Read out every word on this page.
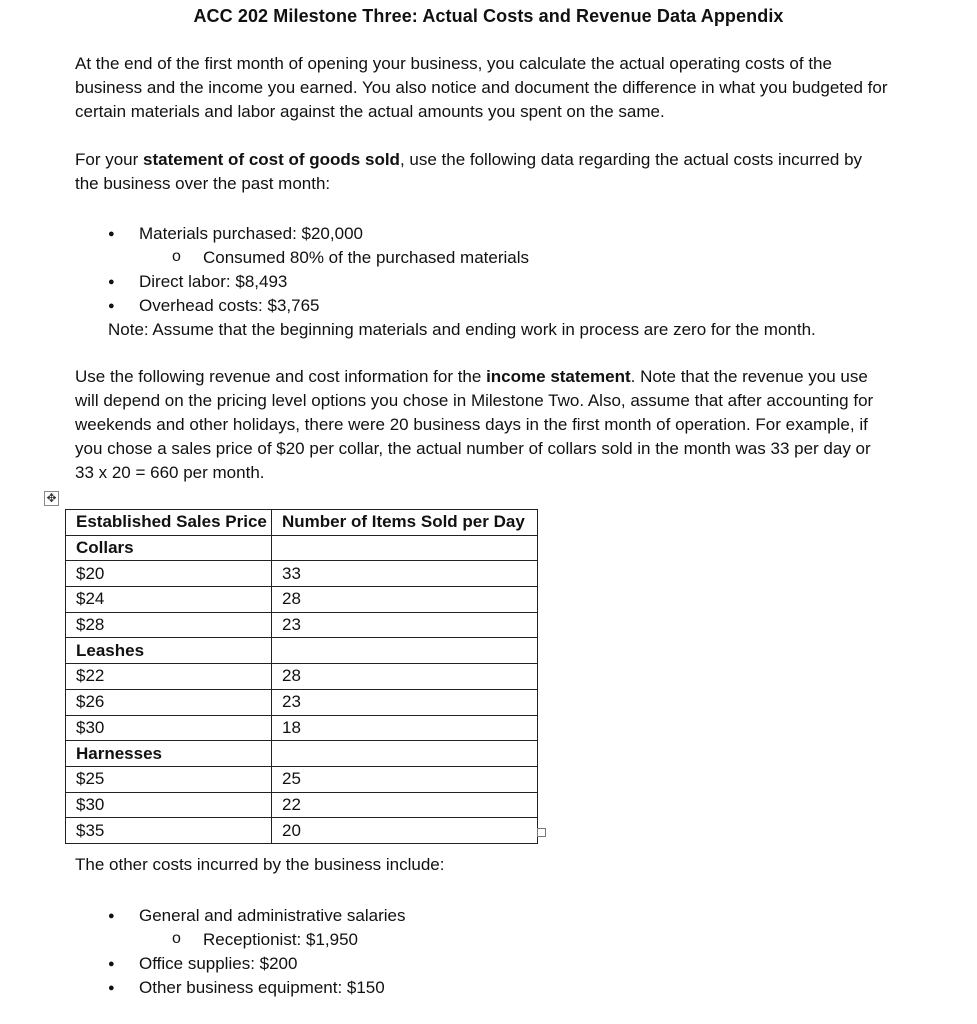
ACC 202 Milestone Three: Actual Costs and Revenue Data Appendix

At the end of the first month of opening your business, you calculate the actual operating costs of the business and the income you earned. You also notice and document the difference in what you budgeted for certain materials and labor against the actual amounts you spent on the same.

For your statement of cost of goods sold, use the following data regarding the actual costs incurred by the business over the past month:

● Materials purchased: $20,000
o Consumed 80% of the purchased materials
● Direct labor: $8,493
● Overhead costs: $3,765
Note: Assume that the beginning materials and ending work in process are zero for the month.

Use the following revenue and cost information for the income statement. Note that the revenue you use will depend on the pricing level options you chose in Milestone Two. Also, assume that after accounting for weekends and other holidays, there were 20 business days in the first month of operation. For example, if you chose a sales price of $20 per collar, the actual number of collars sold in the month was 33 per day or 33 x 20 = 660 per month.

✥
Established Sales Price	Number of Items Sold per Day
Collars	
$20	33
$24	28
$28	23
Leashes	
$22	28
$26	23
$30	18
Harnesses	
$25	25
$30	22
$35	20

The other costs incurred by the business include:

● General and administrative salaries
o Receptionist: $1,950
● Office supplies: $200
● Other business equipment: $150
